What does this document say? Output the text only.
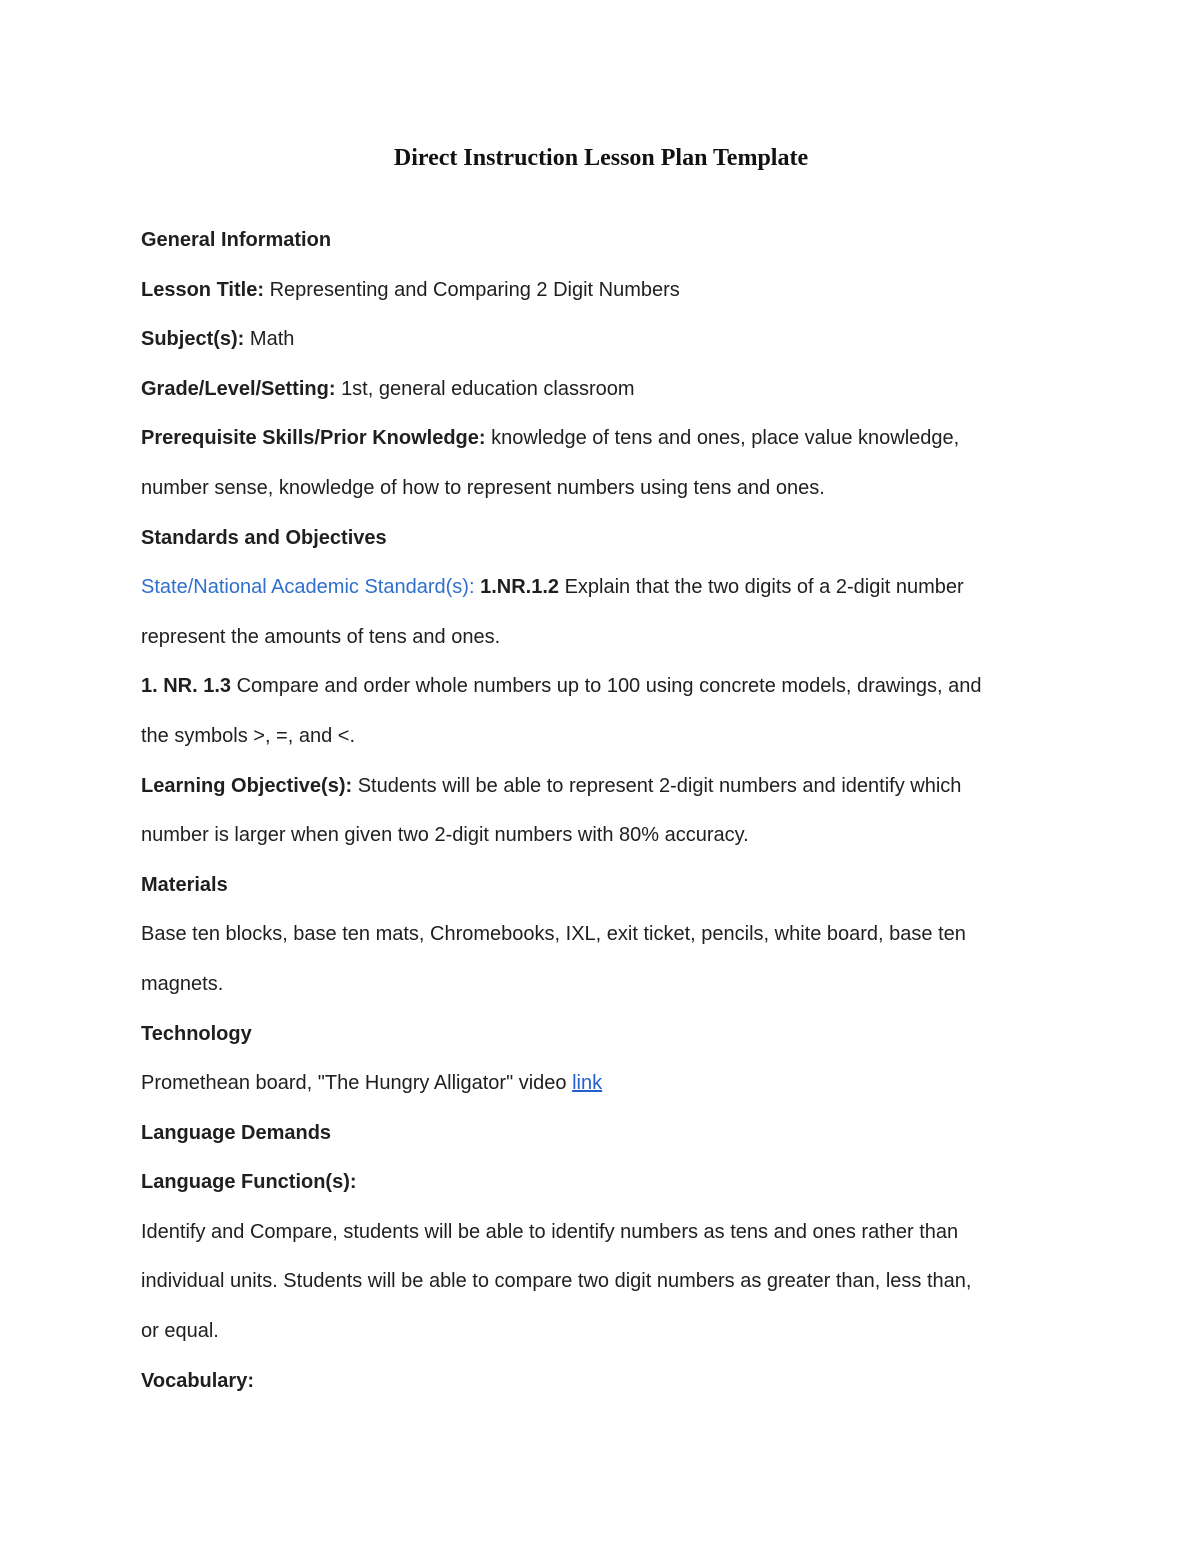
Direct Instruction Lesson Plan Template

General Information

Lesson Title: Representing and Comparing 2 Digit Numbers

Subject(s): Math

Grade/Level/Setting: 1st, general education classroom

Prerequisite Skills/Prior Knowledge: knowledge of tens and ones, place value knowledge,

number sense, knowledge of how to represent numbers using tens and ones.

Standards and Objectives

State/National Academic Standard(s): 1.NR.1.2 Explain that the two digits of a 2-digit number

represent the amounts of tens and ones.

1. NR. 1.3 Compare and order whole numbers up to 100 using concrete models, drawings, and

the symbols >, =, and <.

Learning Objective(s): Students will be able to represent 2-digit numbers and identify which

number is larger when given two 2-digit numbers with 80% accuracy.

Materials

Base ten blocks, base ten mats, Chromebooks, IXL, exit ticket, pencils, white board, base ten

magnets.

Technology

Promethean board, "The Hungry Alligator" video link

Language Demands

Language Function(s):

Identify and Compare, students will be able to identify numbers as tens and ones rather than

individual units. Students will be able to compare two digit numbers as greater than, less than,

or equal.

Vocabulary:
